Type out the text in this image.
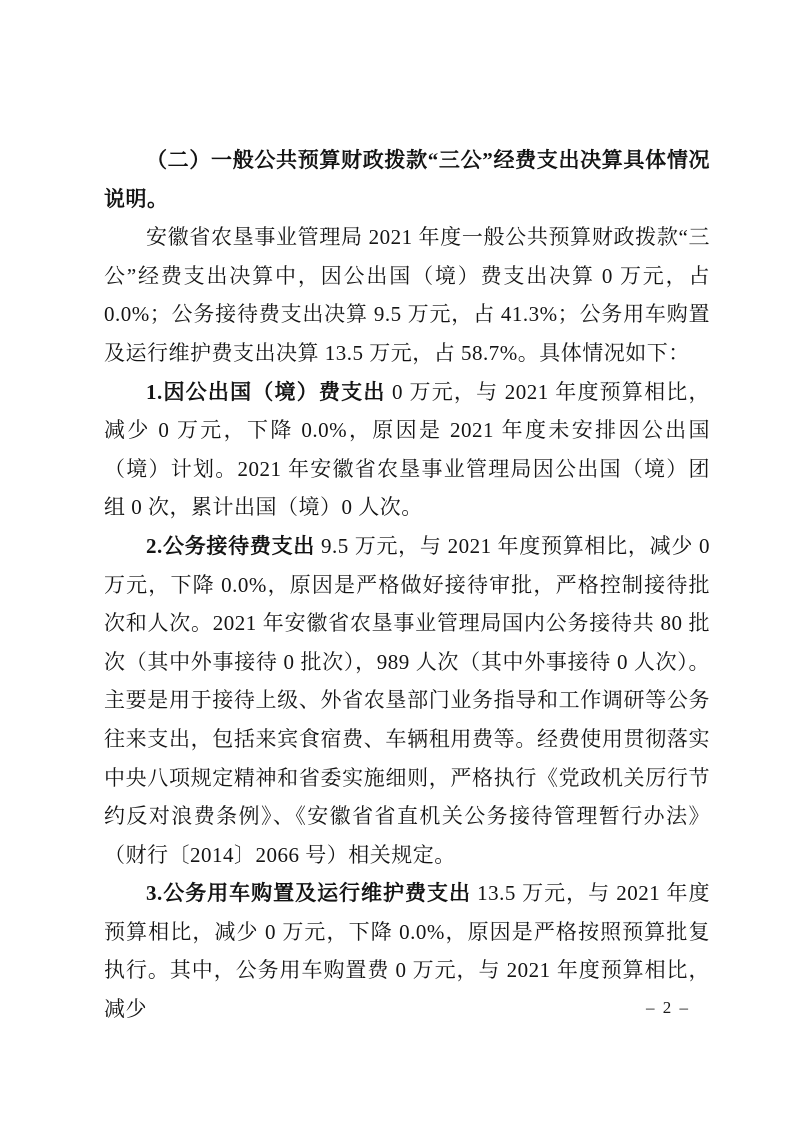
（二）一般公共预算财政拨款“三公”经费支出决算具体情况说明。

安徽省农垦事业管理局 2021 年度一般公共预算财政拨款“三公”经费支出决算中，因公出国（境）费支出决算 0 万元，占 0.0%；公务接待费支出决算 9.5 万元，占 41.3%；公务用车购置及运行维护费支出决算 13.5 万元，占 58.7%。具体情况如下：

1.因公出国（境）费支出 0 万元，与 2021 年度预算相比，减少 0 万元，下降 0.0%，原因是 2021 年度未安排因公出国（境）计划。2021 年安徽省农垦事业管理局因公出国（境）团组 0 次，累计出国（境）0 人次。

2.公务接待费支出 9.5 万元，与 2021 年度预算相比，减少 0 万元，下降 0.0%，原因是严格做好接待审批，严格控制接待批次和人次。2021 年安徽省农垦事业管理局国内公务接待共 80 批次（其中外事接待 0 批次），989 人次（其中外事接待 0 人次）。主要是用于接待上级、外省农垦部门业务指导和工作调研等公务往来支出，包括来宾食宿费、车辆租用费等。经费使用贯彻落实中央八项规定精神和省委实施细则，严格执行《党政机关厉行节约反对浪费条例》、《安徽省省直机关公务接待管理暂行办法》（财行〔2014〕2066 号）相关规定。

3.公务用车购置及运行维护费支出 13.5 万元，与 2021 年度预算相比，减少 0 万元，下降 0.0%，原因是严格按照预算批复执行。其中，公务用车购置费 0 万元，与 2021 年度预算相比，减少	– 2 –
